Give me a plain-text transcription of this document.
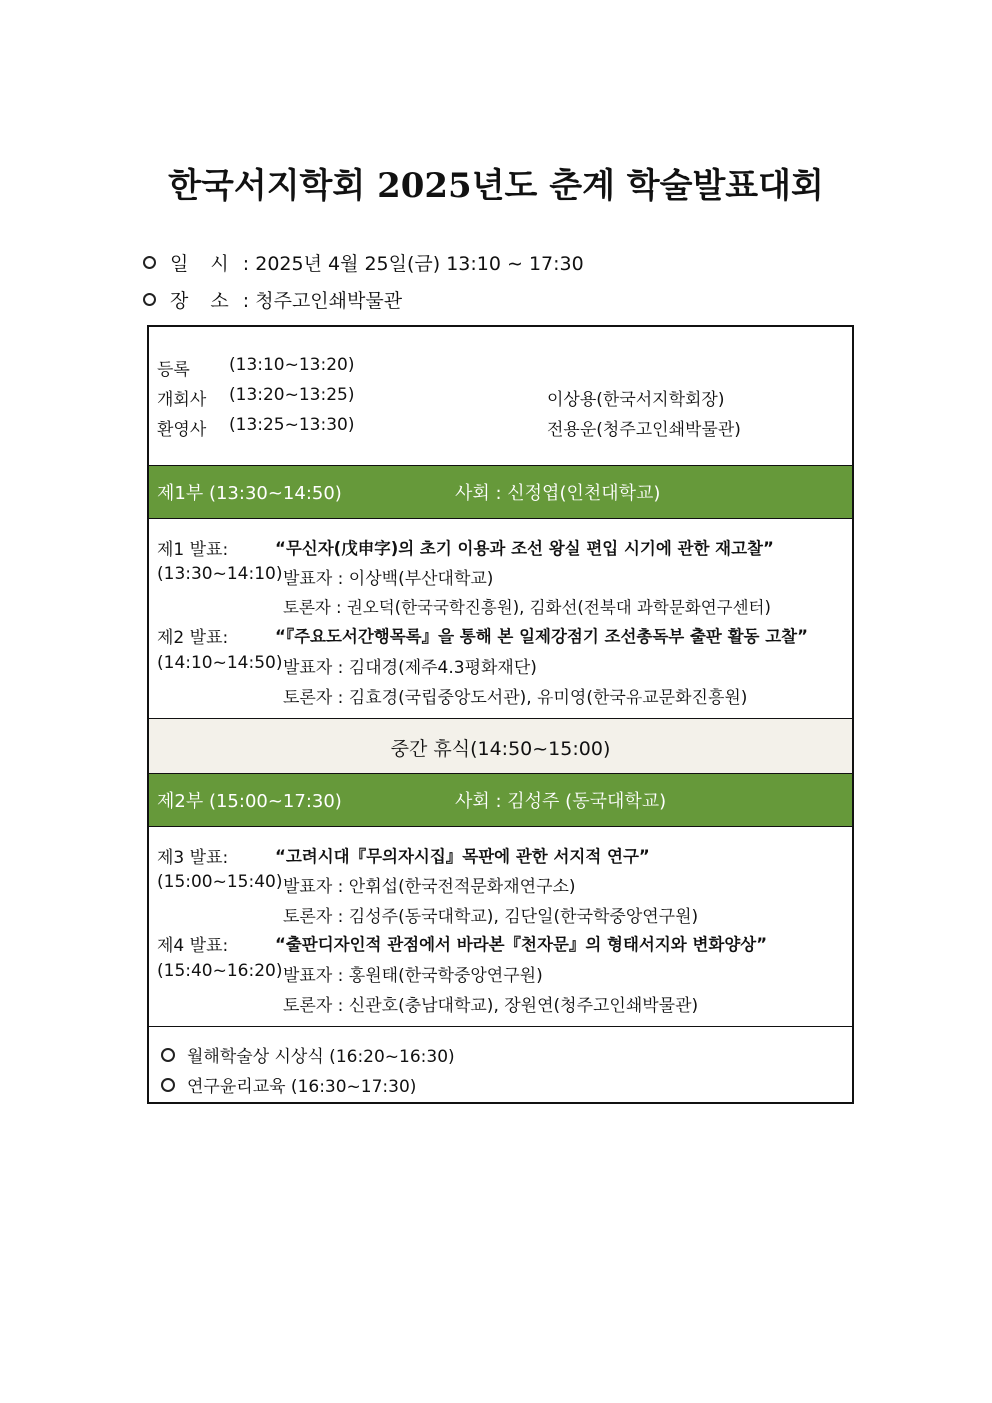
한국서지학회 2025년도 춘계 학술발표대회
일 시 : 2025년 4월 25일(금) 13:10 ∼ 17:30
장 소 : 청주고인쇄박물관
등록 (13:10~13:20)
개회사 (13:20~13:25)	이상용(한국서지학회장)
환영사 (13:25~13:30)	전용운(청주고인쇄박물관)
제1부 (13:30~14:50)	사회 : 신정엽(인천대학교)
제1 발표:	“무신자(戊申字)의 초기 이용과 조선 왕실 편입 시기에 관한 재고찰”
(13:30~14:10) 발표자 : 이상백(부산대학교)
토론자 : 권오덕(한국국학진흥원), 김화선(전북대 과학문화연구센터)
제2 발표:	“『주요도서간행목록』을 통해 본 일제강점기 조선총독부 출판 활동 고찰”
(14:10~14:50) 발표자 : 김대경(제주4.3평화재단)
토론자 : 김효경(국립중앙도서관), 유미영(한국유교문화진흥원)
중간 휴식(14:50~15:00)
제2부 (15:00~17:30)	사회 : 김성주 (동국대학교)
제3 발표:	“고려시대『무의자시집』목판에 관한 서지적 연구”
(15:00~15:40) 발표자 : 안휘섭(한국전적문화재연구소)
토론자 : 김성주(동국대학교), 김단일(한국학중앙연구원)
제4 발표:	“출판디자인적 관점에서 바라본『천자문』의 형태서지와 변화양상”
(15:40~16:20) 발표자 : 홍원태(한국학중앙연구원)
토론자 : 신관호(충남대학교), 장원연(청주고인쇄박물관)
월해학술상 시상식 (16:20~16:30)
연구윤리교육 (16:30~17:30)
